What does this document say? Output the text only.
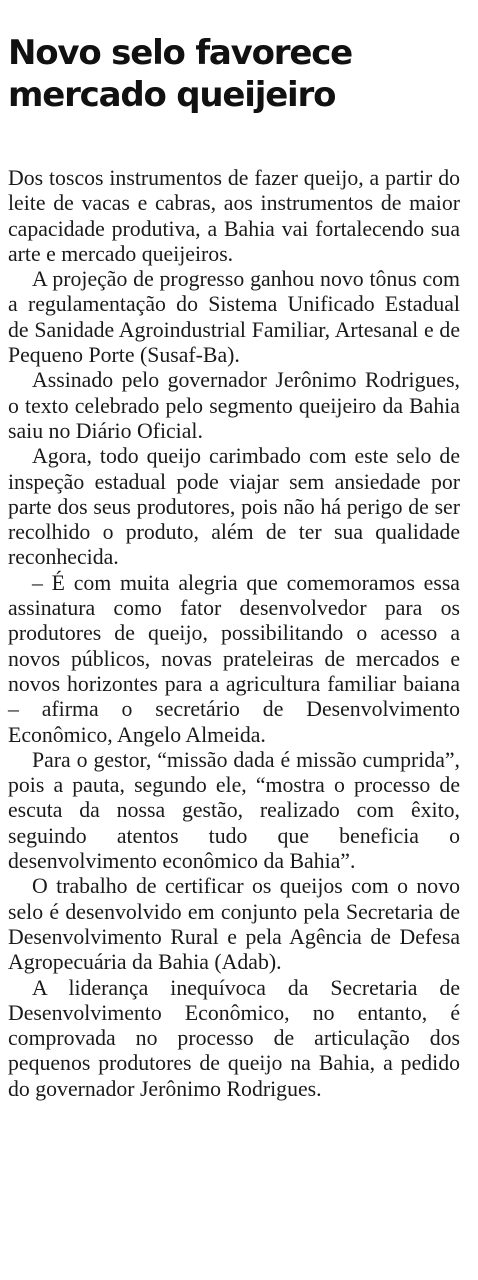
Novo selo favorece mercado queijeiro

Dos toscos instrumentos de fazer queijo, a partir do leite de vacas e cabras, aos instrumentos de maior capacidade produtiva, a Bahia vai fortalecendo sua arte e mercado queijeiros.

A projeção de progresso ganhou novo tônus com a regulamentação do Sistema Unificado Estadual de Sanidade Agroindustrial Familiar, Artesanal e de Pequeno Porte (Susaf-Ba).

Assinado pelo governador Jerônimo Rodrigues, o texto celebrado pelo segmento queijeiro da Bahia saiu no Diário Oficial.

Agora, todo queijo carimbado com este selo de inspeção estadual pode viajar sem ansiedade por parte dos seus produtores, pois não há perigo de ser recolhido o produto, além de ter sua qualidade reconhecida.

– É com muita alegria que comemoramos essa assinatura como fator desenvolvedor para os produtores de queijo, possibilitando o acesso a novos públicos, novas prateleiras de mercados e novos horizontes para a agricultura familiar baiana – afirma o secretário de Desenvolvimento Econômico, Angelo Almeida.

Para o gestor, “missão dada é missão cumprida”, pois a pauta, segundo ele, “mostra o processo de escuta da nossa gestão, realizado com êxito, seguindo atentos tudo que beneficia o desenvolvimento econômico da Bahia”.

O trabalho de certificar os queijos com o novo selo é desenvolvido em conjunto pela Secretaria de Desenvolvimento Rural e pela Agência de Defesa Agropecuária da Bahia (Adab).

A liderança inequívoca da Secretaria de Desenvolvimento Econômico, no entanto, é comprovada no processo de articulação dos pequenos produtores de queijo na Bahia, a pedido do governador Jerônimo Rodrigues.
